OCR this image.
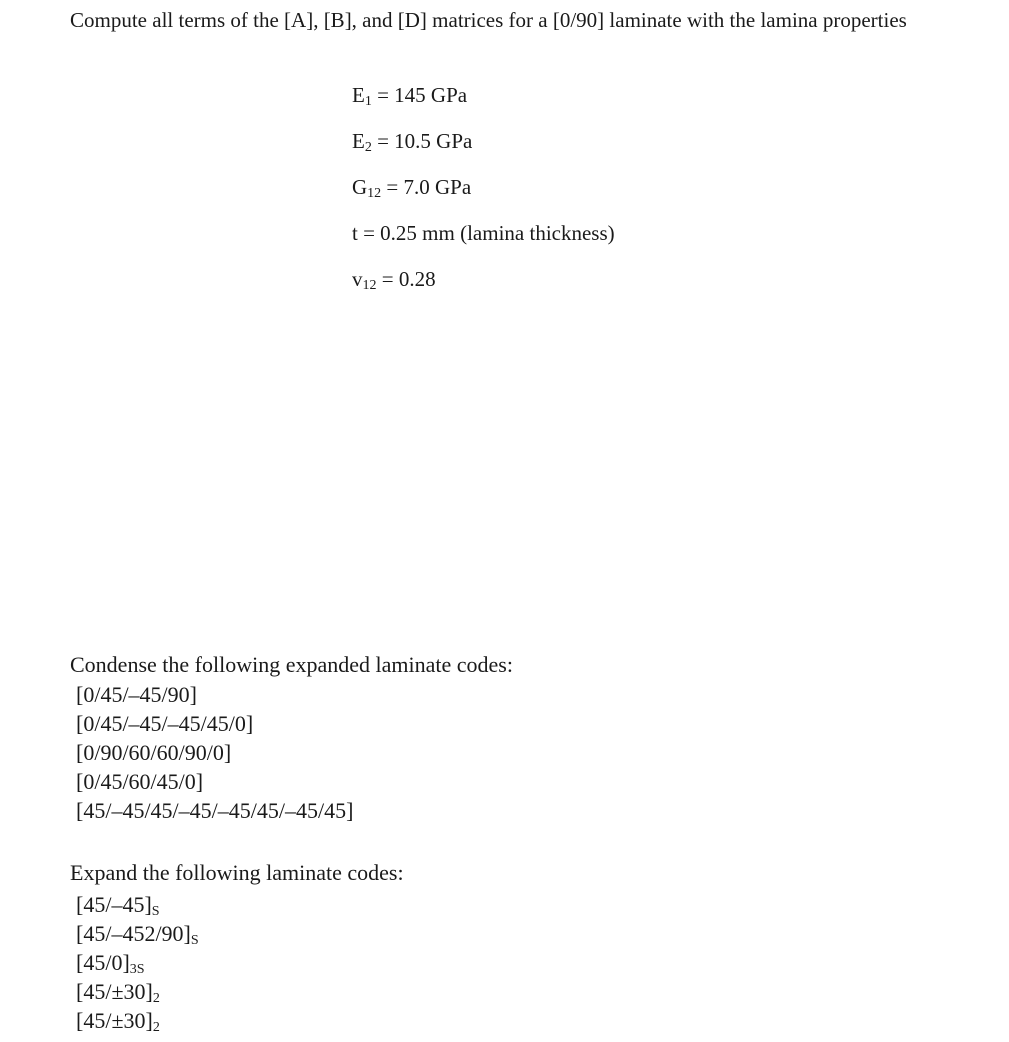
Compute all terms of the [A], [B], and [D] matrices for a [0/90] laminate with the lamina properties
$E_1 = 145$ GPa
$E_2 = 10.5$ GPa
$G_{12} = 7.0$ GPa
t = 0.25 mm (lamina thickness)
$v_{12} = 0.28$
Condense the following expanded laminate codes:
[0/45/–45/90]
[0/45/–45/–45/45/0]
[0/90/60/60/90/0]
[0/45/60/45/0]
[45/–45/45/–45/–45/45/–45/45]
Expand the following laminate codes:
$[45/-45]_S$
$[45/-452/90]_S$
$[45/0]_{3S}$
$[45/\pm 30]_2$
$[45/\pm 30]_2$
